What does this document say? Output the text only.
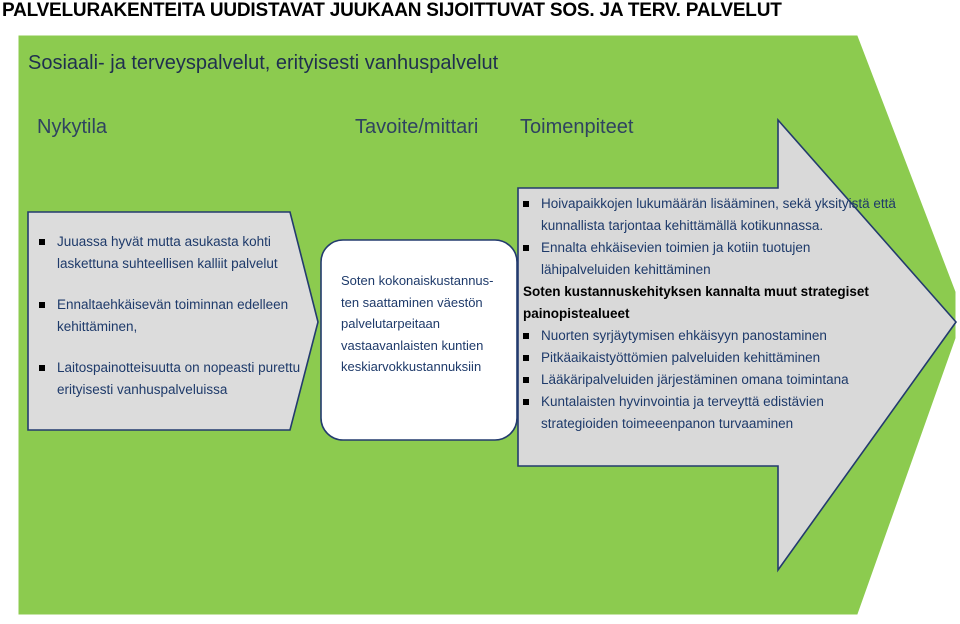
PALVELURAKENTEITA UUDISTAVAT JUUKAAN SIJOITTUVAT SOS. JA TERV. PALVELUT
Sosiaali- ja terveyspalvelut, erityisesti vanhuspalvelut
Nykytila	Tavoite/mittari Toimenpiteet
Juuassa hyvät mutta asukasta kohti laskettuna suhteellisen kalliit palvelut
Ennaltaehkäisevän toiminnan edelleen kehittäminen,
Laitospainotteisuutta on nopeasti purettu erityisesti vanhuspalveluissa
Soten kokonaiskustannus-ten saattaminen väestön palvelutarpeitaan vastaavanlaisten kuntien keskiarvokkustannuksiin
Hoivapaikkojen lukumäärän lisääminen, sekä yksityistä että kunnallista tarjontaa kehittämällä kotikunnassa.
Ennalta ehkäisevien toimien ja kotiin tuotujen lähipalveluiden kehittäminen
Soten kustannuskehityksen kannalta muut strategiset painopistealueet
Nuorten syrjäytymisen ehkäisyyn panostaminen
Pitkäaikaistyöttömien palveluiden kehittäminen
Lääkäripalveluiden järjestäminen omana toimintana
Kuntalaisten hyvinvointia ja terveyttä edistävien strategioiden toimeeenpanon turvaaminen
